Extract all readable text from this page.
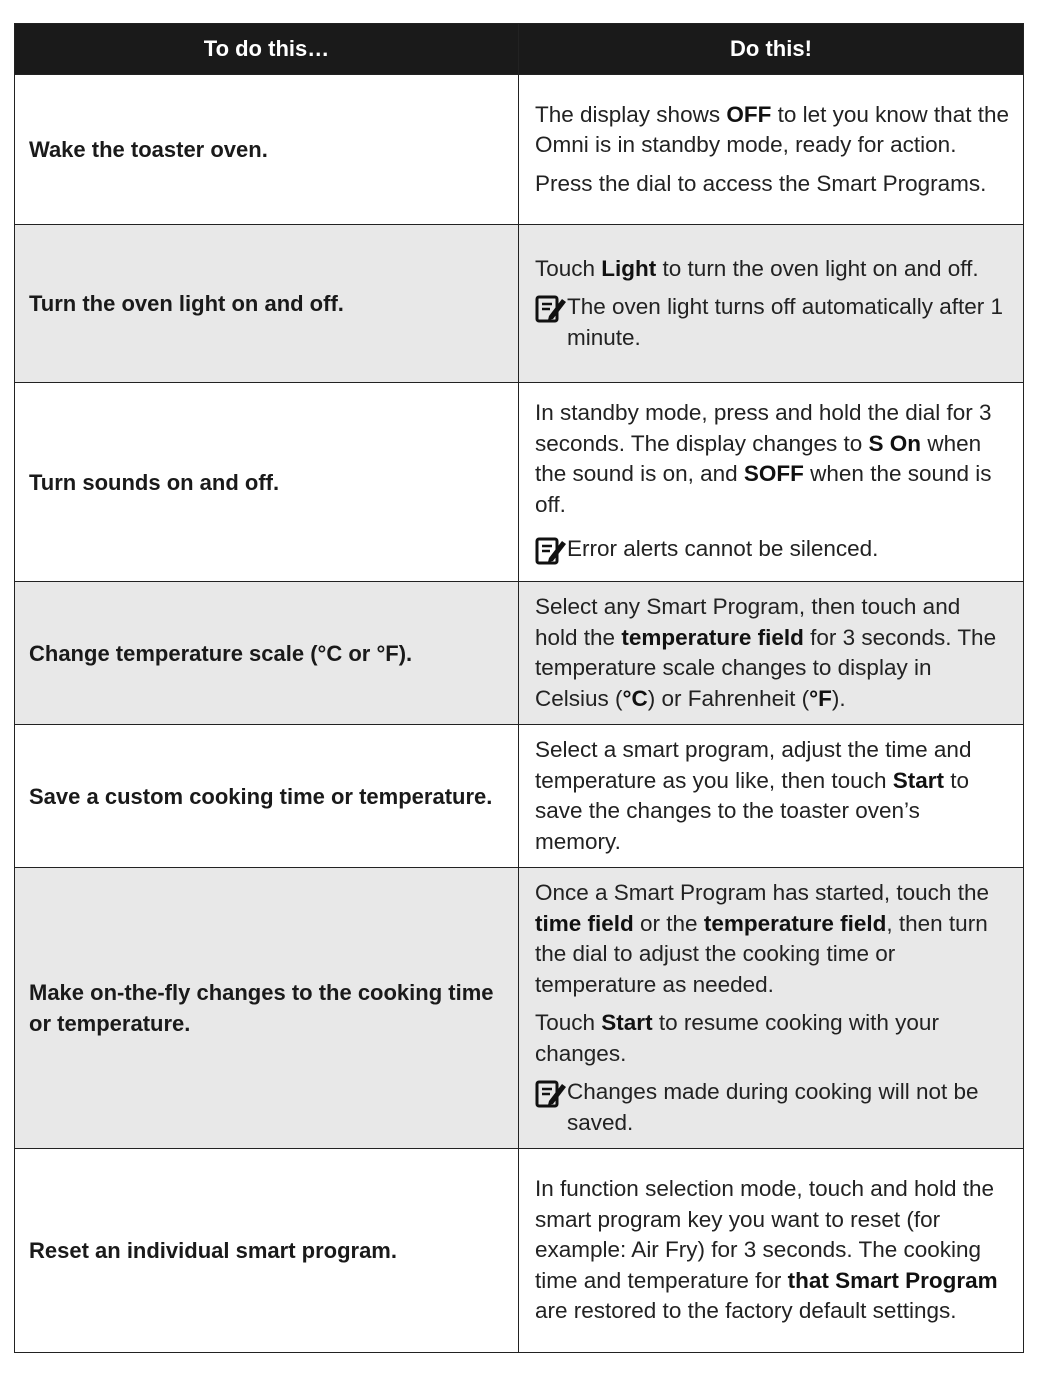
To do this…	Do this!
Wake the toaster oven.	The display shows OFF to let you know that the Omni is in standby mode, ready for action.

Press the dial to access the Smart Programs.

Turn the oven light on and off.	Touch Light to turn the oven light on and off.

The oven light turns off automatically after 1 minute.

Turn sounds on and off.	In standby mode, press and hold the dial for 3 seconds. The display changes to S On when the sound is on, and SOFF when the sound is off.

Error alerts cannot be silenced.

Change temperature scale (°C or °F).	Select any Smart Program, then touch and hold the temperature field for 3 seconds. The temperature scale changes to display in Celsius (°C) or Fahrenheit (°F).

Save a custom cooking time or temperature.	Select a smart program, adjust the time and temperature as you like, then touch Start to save the changes to the toaster oven’s memory.

Make on-the-fly changes to the cooking time or temperature.	Once a Smart Program has started, touch the time field or the temperature field, then turn the dial to adjust the cooking time or temperature as needed.

Touch Start to resume cooking with your changes.

Changes made during cooking will not be saved.

Reset an individual smart program.	In function selection mode, touch and hold the smart program key you want to reset (for example: Air Fry) for 3 seconds. The cooking time and temperature for that Smart Program are restored to the factory default settings.
